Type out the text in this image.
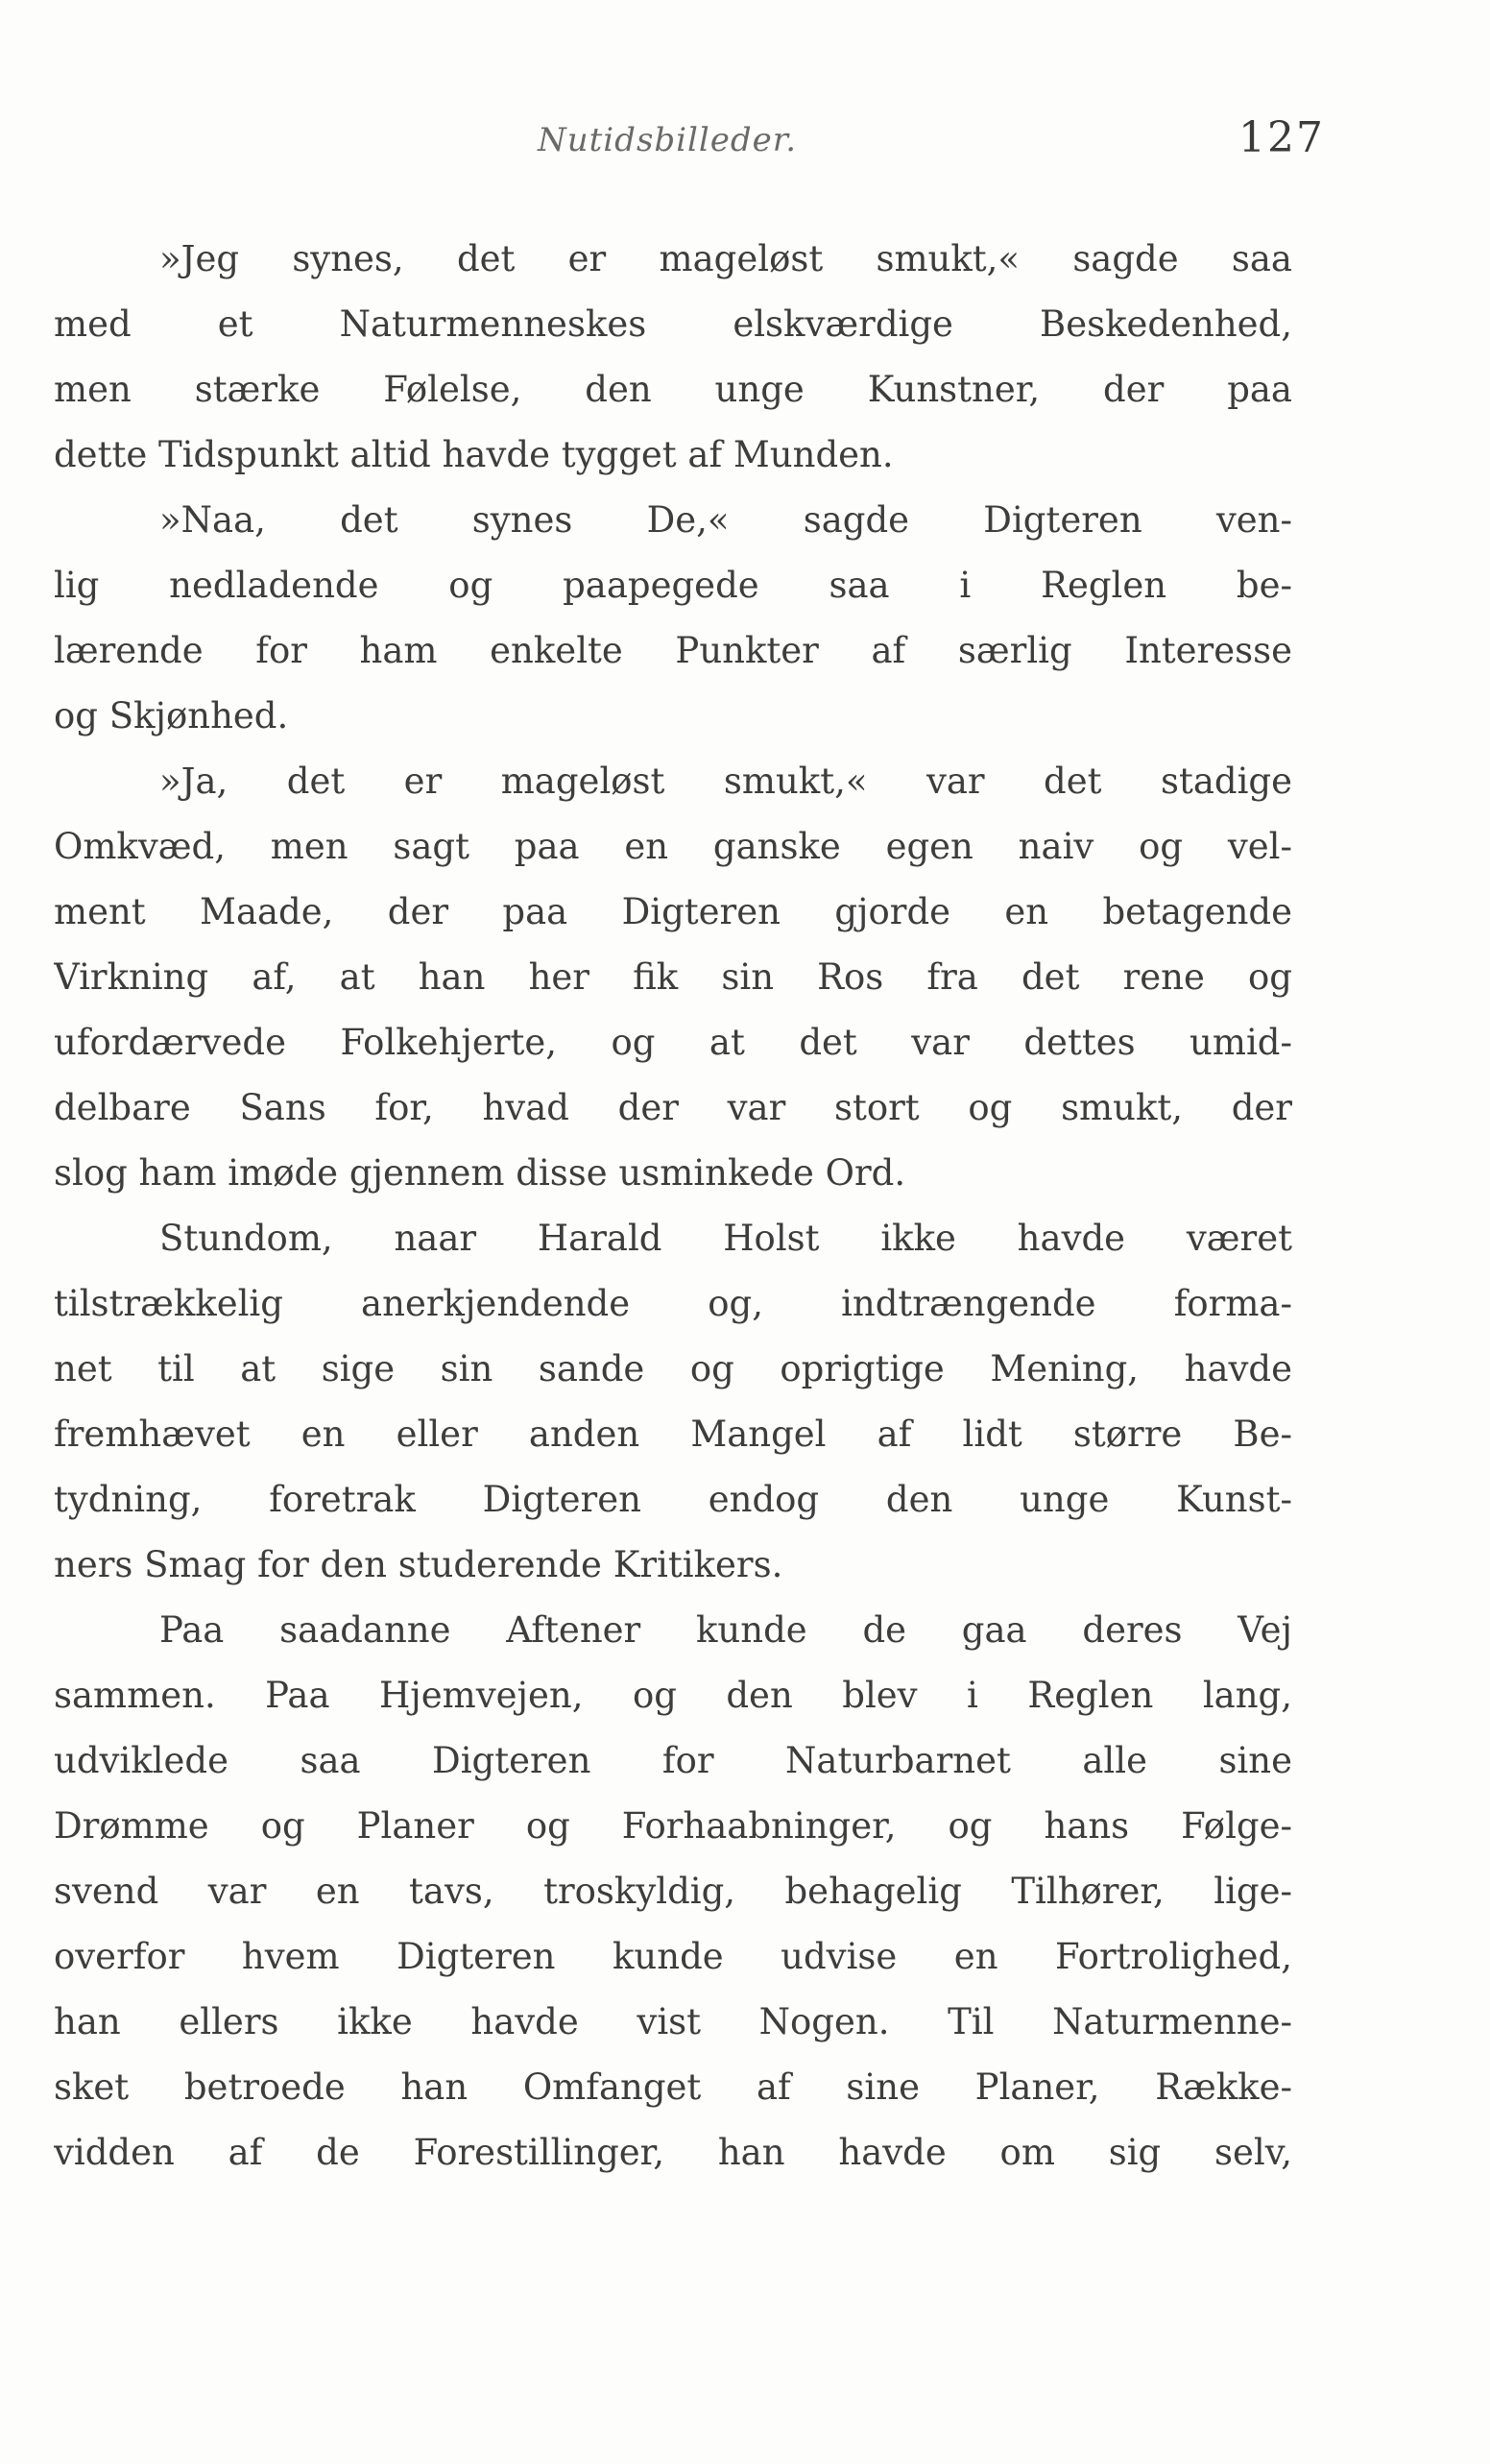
Nutidsbilleder.	127
»Jeg synes, det er mageløst smukt,« sagde saa
med et Naturmenneskes elskværdige Beskedenhed,
men stærke Følelse, den unge Kunstner, der paa
dette Tidspunkt altid havde tygget af Munden.
»Naa, det synes De,« sagde Digteren ven-
lig nedladende og paapegede saa i Reglen be-
lærende for ham enkelte Punkter af særlig Interesse
og Skjønhed.
»Ja, det er mageløst smukt,« var det stadige
Omkvæd, men sagt paa en ganske egen naiv og vel-
ment Maade, der paa Digteren gjorde en betagende
Virkning af, at han her fik sin Ros fra det rene og
ufordærvede Folkehjerte, og at det var dettes umid-
delbare Sans for, hvad der var stort og smukt, der
slog ham imøde gjennem disse usminkede Ord.
Stundom, naar Harald Holst ikke havde været
tilstrækkelig anerkjendende og, indtrængende forma-
net til at sige sin sande og oprigtige Mening, havde
fremhævet en eller anden Mangel af lidt større Be-
tydning, foretrak Digteren endog den unge Kunst-
ners Smag for den studerende Kritikers.
Paa saadanne Aftener kunde de gaa deres Vej
sammen. Paa Hjemvejen, og den blev i Reglen lang,
udviklede saa Digteren for Naturbarnet alle sine
Drømme og Planer og Forhaabninger, og hans Følge-
svend var en tavs, troskyldig, behagelig Tilhører, lige-
overfor hvem Digteren kunde udvise en Fortrolighed,
han ellers ikke havde vist Nogen. Til Naturmenne-
sket betroede han Omfanget af sine Planer, Række-
vidden af de Forestillinger, han havde om sig selv,
